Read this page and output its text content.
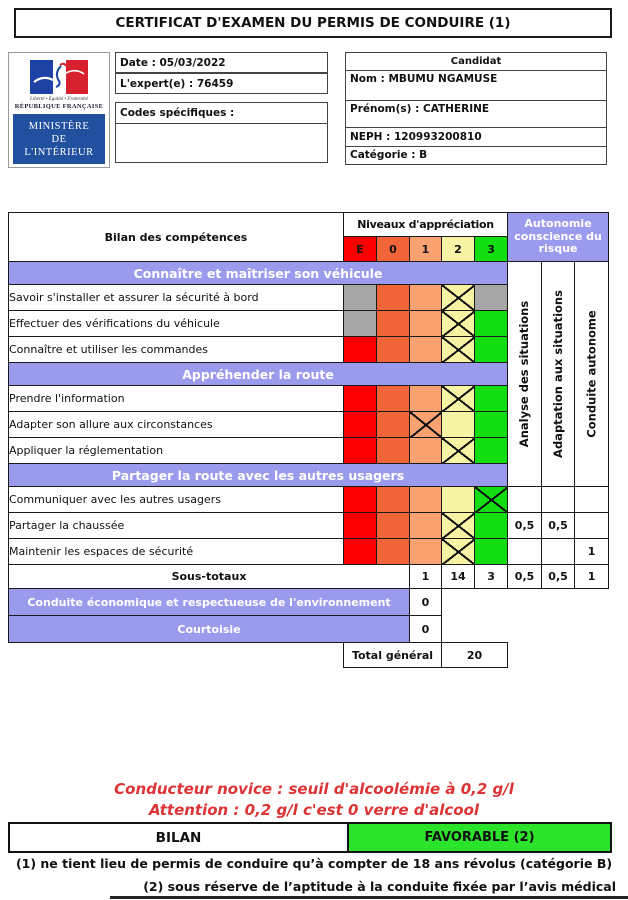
CERTIFICAT D'EXAMEN DU PERMIS DE CONDUIRE (1)
Liberté • Égalité • Fraternité
RÉPUBLIQUE FRANÇAISE
MINISTÈRE
DE
L'INTÉRIEUR
Date : 05/03/2022
L'expert(e) : 76459
Codes spécifiques :
Candidat
Nom : MBUMU NGAMUSE
Prénom(s) : CATHERINE
NEPH : 120993200810
Catégorie : B
Bilan des compétences	Niveaux d'appréciation					Autonomie
conscience du
risque		
	E	0	1	2	3			
Connaître et maîtriser son véhicule						Analyse des situations	Adaptation aux situations	Conduite autonome

Savoir s'installer et assurer la sécurité à bord								
Effectuer des vérifications du véhicule								
Connaître et utiliser les commandes								
Appréhender la route								
Prendre l'information								
Adapter son allure aux circonstances								
Appliquer la réglementation								
Partager la route avec les autres usagers								
Communiquer avec les autres usagers								
Partager la chaussée						0,5	0,5	
Maintenir les espaces de sécurité								1
Sous-totaux			1	14	3	0,5	0,5	1
Conduite économique et respectueuse de l'environnement			0					
Courtoisie			0					
	Total général			20				
Conducteur novice : seuil d'alcoolémie à 0,2 g/l
Attention : 0,2 g/l c'est 0 verre d'alcool
BILAN	FAVORABLE (2)
(1) ne tient lieu de permis de conduire qu’à compter de 18 ans révolus (catégorie B)
(2) sous réserve de l’aptitude à la conduite fixée par l’avis médical
